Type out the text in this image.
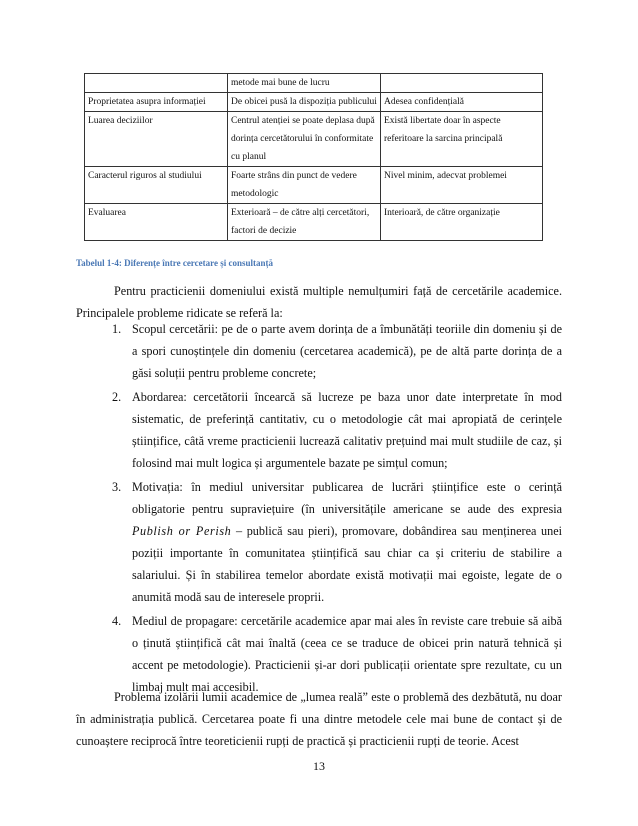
	metode mai bune de lucru	
Proprietatea asupra informației	De obicei pusă la dispoziția publicului	Adesea confidențială
Luarea deciziilor	Centrul atenției se poate deplasa după dorința cercetătorului în conformitate cu planul	Există libertate doar în aspecte referitoare la sarcina principală
Caracterul riguros al studiului	Foarte strâns din punct de vedere metodologic	Nivel minim, adecvat problemei
Evaluarea	Exterioară – de către alți cercetători, factori de decizie	Interioară, de către organizație
Tabelul 1-4: Diferențe între cercetare și consultanță

Pentru practicienii domeniului există multiple nemulțumiri față de cercetările academice. Principalele probleme ridicate se referă la:

1. Scopul cercetării: pe de o parte avem dorința de a îmbunătăți teoriile din domeniu și de a spori cunoștințele din domeniu (cercetarea academică), pe de altă parte dorința de a găsi soluții pentru probleme concrete;
2. Abordarea: cercetătorii încearcă să lucreze pe baza unor date interpretate în mod sistematic, de preferință cantitativ, cu o metodologie cât mai apropiată de cerințele științifice, câtă vreme practicienii lucrează calitativ prețuind mai mult studiile de caz, și folosind mai mult logica și argumentele bazate pe simțul comun;
3. Motivația: în mediul universitar publicarea de lucrări științifice este o cerință obligatorie pentru supraviețuire (în universitățile americane se aude des expresia Publish or Perish – publică sau pieri), promovare, dobândirea sau menținerea unei poziții importante în comunitatea științifică sau chiar ca și criteriu de stabilire a salariului. Și în stabilirea temelor abordate există motivații mai egoiste, legate de o anumită modă sau de interesele proprii.
4. Mediul de propagare: cercetările academice apar mai ales în reviste care trebuie să aibă o ținută științifică cât mai înaltă (ceea ce se traduce de obicei prin natură tehnică și accent pe metodologie). Practicienii și-ar dori publicații orientate spre rezultate, cu un limbaj mult mai accesibil.

Problema izolării lumii academice de „lumea reală” este o problemă des dezbătută, nu doar în administrația publică. Cercetarea poate fi una dintre metodele cele mai bune de contact și de cunoaștere reciprocă între teoreticienii rupți de practică și practicienii rupți de teorie. Acest

13
